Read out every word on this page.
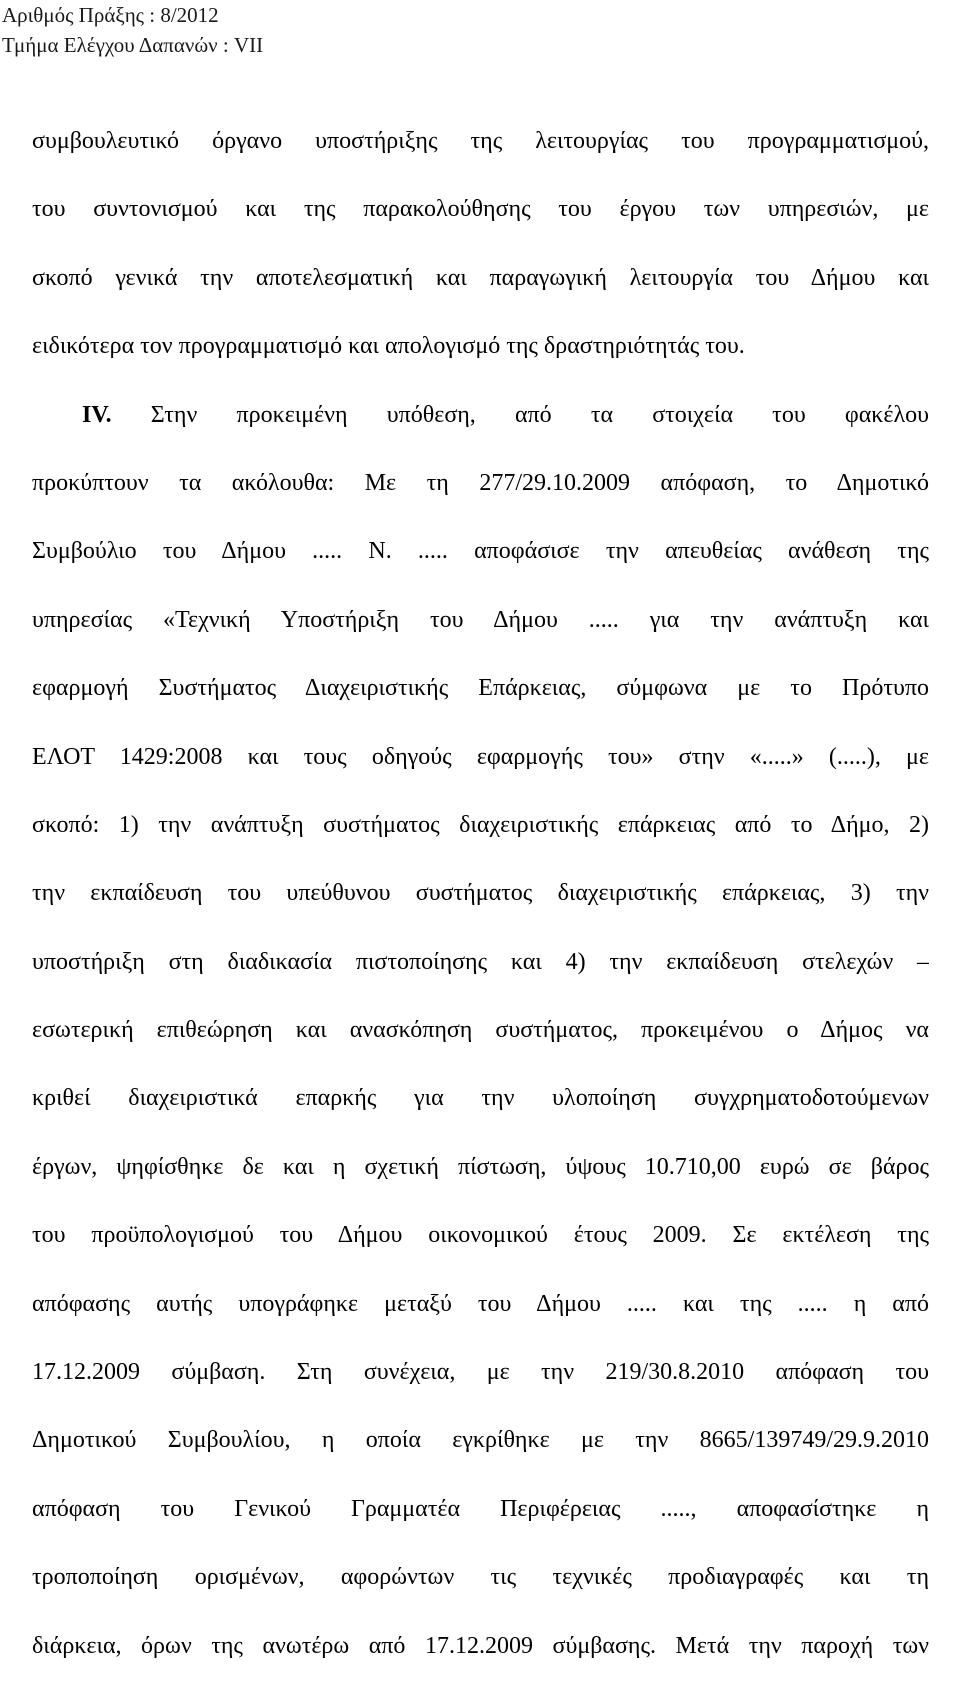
Αριθμός Πράξης : 8/2012
Τμήμα Ελέγχου Δαπανών : VII
συμβουλευτικό όργανο υποστήριξης της λειτουργίας του προγραμματισμού,
του συντονισμού και της παρακολούθησης του έργου των υπηρεσιών, με
σκοπό γενικά την αποτελεσματική και παραγωγική λειτουργία του Δήμου και
ειδικότερα τον προγραμματισμό και απολογισμό της δραστηριότητάς του.
IV. Στην προκειμένη υπόθεση, από τα στοιχεία του φακέλου
προκύπτουν τα ακόλουθα: Με τη 277/29.10.2009 απόφαση, το Δημοτικό
Συμβούλιο του Δήμου ..... Ν. ..... αποφάσισε την απευθείας ανάθεση της
υπηρεσίας «Τεχνική Υποστήριξη του Δήμου ..... για την ανάπτυξη και
εφαρμογή Συστήματος Διαχειριστικής Επάρκειας, σύμφωνα με το Πρότυπο
ΕΛΟΤ 1429:2008 και τους οδηγούς εφαρμογής του» στην «.....» (.....), με
σκοπό: 1) την ανάπτυξη συστήματος διαχειριστικής επάρκειας από το Δήμο, 2)
την εκπαίδευση του υπεύθυνου συστήματος διαχειριστικής επάρκειας, 3) την
υποστήριξη στη διαδικασία πιστοποίησης και 4) την εκπαίδευση στελεχών –
εσωτερική επιθεώρηση και ανασκόπηση συστήματος, προκειμένου ο Δήμος να
κριθεί διαχειριστικά επαρκής για την υλοποίηση συγχρηματοδοτούμενων
έργων, ψηφίσθηκε δε και η σχετική πίστωση, ύψους 10.710,00 ευρώ σε βάρος
του προϋπολογισμού του Δήμου οικονομικού έτους 2009. Σε εκτέλεση της
απόφασης αυτής υπογράφηκε μεταξύ του Δήμου ..... και της ..... η από
17.12.2009 σύμβαση. Στη συνέχεια, με την 219/30.8.2010 απόφαση του
Δημοτικού Συμβουλίου, η οποία εγκρίθηκε με την 8665/139749/29.9.2010
απόφαση του Γενικού Γραμματέα Περιφέρειας ....., αποφασίστηκε η
τροποποίηση ορισμένων, αφορώντων τις τεχνικές προδιαγραφές και τη
διάρκεια, όρων της ανωτέρω από 17.12.2009 σύμβασης. Μετά την παροχή των
